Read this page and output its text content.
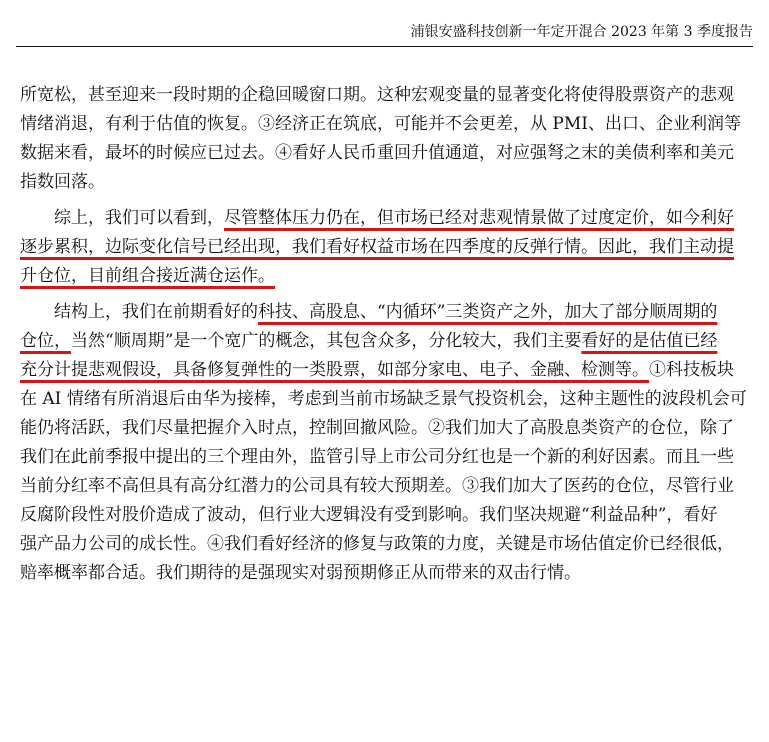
浦银安盛科技创新一年定开混合 2023 年第 3 季度报告
所宽松，甚至迎来一段时期的企稳回暖窗口期。这种宏观变量的显著变化将使得股票资产的悲观
情绪消退，有利于估值的恢复。③经济正在筑底，可能并不会更差，从 PMI、出口、企业利润等
数据来看，最坏的时候应已过去。④看好人民币重回升值通道，对应强弩之末的美债利率和美元
指数回落。
综上，我们可以看到，尽管整体压力仍在，但市场已经对悲观情景做了过度定价，如今利好
逐步累积，边际变化信号已经出现，我们看好权益市场在四季度的反弹行情。因此，我们主动提
升仓位，目前组合接近满仓运作。
结构上，我们在前期看好的科技、高股息、“内循环”三类资产之外，加大了部分顺周期的
仓位，当然“顺周期”是一个宽广的概念，其包含众多，分化较大，我们主要看好的是估值已经
充分计提悲观假设，具备修复弹性的一类股票，如部分家电、电子、金融、检测等。①科技板块
在 AI 情绪有所消退后由华为接棒，考虑到当前市场缺乏景气投资机会，这种主题性的波段机会可
能仍将活跃，我们尽量把握介入时点，控制回撤风险。②我们加大了高股息类资产的仓位，除了
我们在此前季报中提出的三个理由外，监管引导上市公司分红也是一个新的利好因素。而且一些
当前分红率不高但具有高分红潜力的公司具有较大预期差。③我们加大了医药的仓位，尽管行业
反腐阶段性对股价造成了波动，但行业大逻辑没有受到影响。我们坚决规避“利益品种”，看好
强产品力公司的成长性。④我们看好经济的修复与政策的力度，关键是市场估值定价已经很低，
赔率概率都合适。我们期待的是强现实对弱预期修正从而带来的双击行情。
